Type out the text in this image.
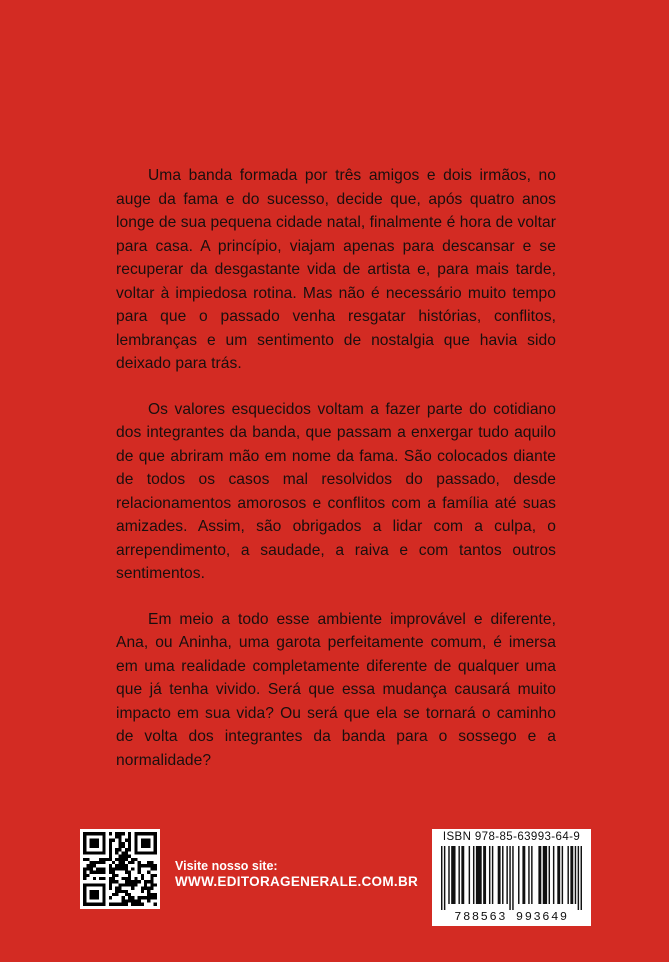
Uma banda formada por três amigos e dois irmãos, no auge da fama e do sucesso, decide que, após quatro anos longe de sua pequena cidade natal, finalmente é hora de voltar para casa. A princípio, viajam apenas para descansar e se recuperar da desgastante vida de artista e, para mais tarde, voltar à impiedosa rotina. Mas não é necessário muito tempo para que o passado venha resgatar histórias, conflitos, lembranças e um sentimento de nostalgia que havia sido deixado para trás.

Os valores esquecidos voltam a fazer parte do cotidiano dos integrantes da banda, que passam a enxergar tudo aquilo de que abriram mão em nome da fama. São colocados diante de todos os casos mal resolvidos do passado, desde relacionamentos amorosos e conflitos com a família até suas amizades. Assim, são obrigados a lidar com a culpa, o arrependimento, a saudade, a raiva e com tantos outros sentimentos.

Em meio a todo esse ambiente improvável e diferente, Ana, ou Aninha, uma garota perfeitamente comum, é imersa em uma realidade completamente diferente de qualquer uma que já tenha vivido. Será que essa mudança causará muito impacto em sua vida? Ou será que ela se tornará o caminho de volta dos integrantes da banda para o sossego e a normalidade?

Visite nosso site:
WWW.EDITORAGENERALE.COM.BR
ISBN 978-85-63993-64-9
788563 993649
